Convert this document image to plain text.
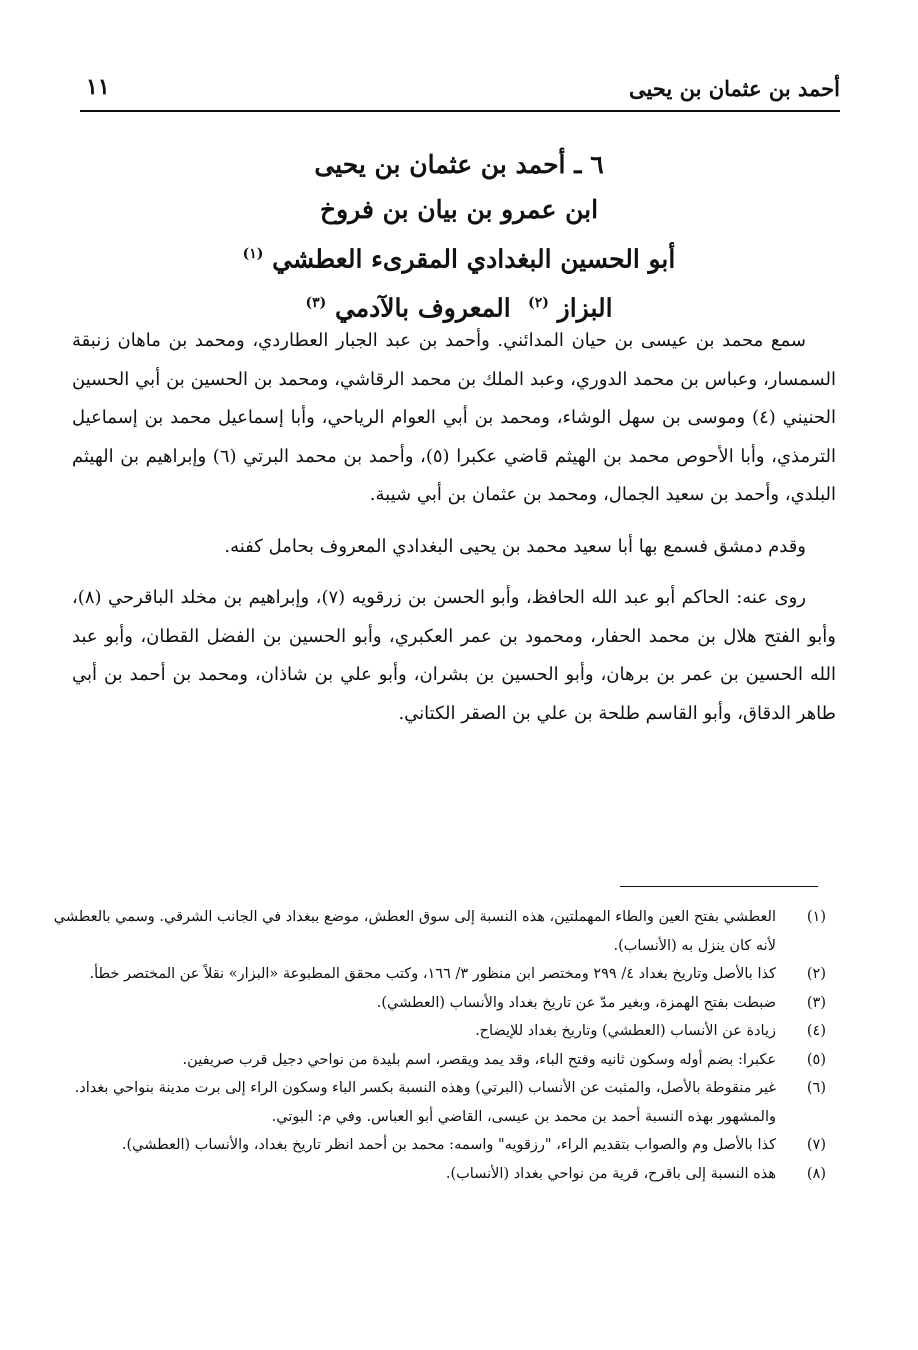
أحمد بن عثمان بن يحيى
١١
٦ ـ أحمد بن عثمان بن يحيى
ابن عمرو بن بيان بن فروخ
أبو الحسين البغدادي المقرىء العطشي $^{(١)}$
البزاز $^{(٢)}$  المعروف بالآدمي $^{(٣)}$

سمع محمد بن عيسى بن حيان المدائني. وأحمد بن عبد الجبار العطاردي، ومحمد بن ماهان زنبقة السمسار، وعباس بن محمد الدوري، وعبد الملك بن محمد الرقاشي، ومحمد بن الحسين بن أبي الحسين الحنيني (٤) وموسى بن سهل الوشاء، ومحمد بن أبي العوام الرياحي، وأبا إسماعيل محمد بن إسماعيل الترمذي، وأبا الأحوص محمد بن الهيثم قاضي عكبرا (٥)، وأحمد بن محمد البرتي (٦) وإبراهيم بن الهيثم البلدي، وأحمد بن سعيد الجمال، ومحمد بن عثمان بن أبي شيبة.

وقدم دمشق فسمع بها أبا سعيد محمد بن يحيى البغدادي المعروف بحامل كفنه.

روى عنه: الحاكم أبو عبد الله الحافظ، وأبو الحسن بن زرقويه (٧)، وإبراهيم بن مخلد الباقرحي (٨)، وأبو الفتح هلال بن محمد الحفار، ومحمود بن عمر العكبري، وأبو الحسين بن الفضل القطان، وأبو عبد الله الحسين بن عمر بن برهان، وأبو الحسين بن بشران، وأبو علي بن شاذان، ومحمد بن أحمد بن أبي طاهر الدقاق، وأبو القاسم طلحة بن علي بن الصقر الكتاني.

(١)
العطشي بفتح العين والطاء المهملتين، هذه النسبة إلى سوق العطش، موضع ببغداد في الجانب الشرقي. وسمي بالعطشي لأنه كان ينزل به (الأنساب).
(٢)
كذا بالأصل وتاريخ بغداد ٤/ ٢٩٩ ومختصر ابن منظور ٣/ ١٦٦، وكتب محقق المطبوعة «البزار» نقلاً عن المختصر خطأ.
(٣)
ضبطت بفتح الهمزة، وبغير مدّ عن تاريخ بغداد والأنساب (العطشي).
(٤)
زيادة عن الأنساب (العطشي) وتاريخ بغداد للإيضاح.
(٥)
عكبرا: بضم أوله وسكون ثانيه وفتح الباء، وقد يمد ويقصر، اسم بليدة من نواحي دجيل قرب صريفين.
(٦)
غير منقوطة بالأصل، والمثبت عن الأنساب (البرتي) وهذه النسبة بكسر الباء وسكون الراء إلى برت مدينة بنواحي بغداد. والمشهور بهذه النسبة أحمد بن محمد بن عيسى، القاضي أبو العباس. وفي م: البوتي.
(٧)
كذا بالأصل وم والصواب بتقديم الراء، "رزقويه" واسمه: محمد بن أحمد انظر تاريخ بغداد، والأنساب (العطشي).
(٨)
هذه النسبة إلى باقرح، قرية من نواحي بغداد (الأنساب).
